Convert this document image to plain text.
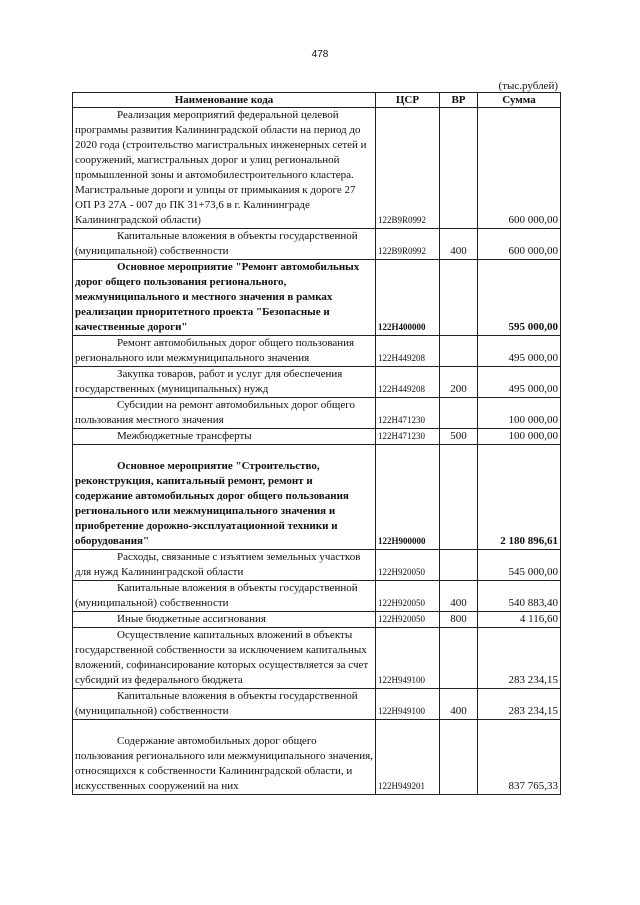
478
(тыс.рублей)
Наименование кода	ЦСР	ВР	Сумма
Реализация мероприятий федеральной целевой программы развития Калининградской области на период до 2020 года (строительство магистральных инженерных сетей и сооружений, магистральных дорог и улиц региональной промышленной зоны и автомобилестроительного кластера. Магистральные дороги и улицы от примыкания к дороге 27 ОП РЗ 27А - 007 до ПК 31+73,6 в г. Калининграде Калининградской области)	122B9R0992		600 000,00
Капитальные вложения в объекты государственной (муниципальной) собственности	122B9R0992	400	600 000,00
Основное мероприятие "Ремонт автомобильных дорог общего пользования регионального, межмуниципального и местного значения в рамках реализации приоритетного проекта "Безопасные и качественные дороги"	122H400000		595 000,00
Ремонт автомобильных дорог общего пользования регионального или межмуниципального значения	122H449208		495 000,00
Закупка товаров, работ и услуг для обеспечения государственных (муниципальных) нужд	122H449208	200	495 000,00
Субсидии на ремонт автомобильных дорог общего пользования местного значения	122H471230		100 000,00
Межбюджетные трансферты	122H471230	500	100 000,00
Основное мероприятие "Строительство, реконструкция, капитальный ремонт, ремонт и содержание автомобильных дорог общего пользования регионального или межмуниципального значения и приобретение дорожно-эксплуатационной техники и оборудования"	122H900000		2 180 896,61
Расходы, связанные с изъятием земельных участков для нужд Калининградской области	122H920050		545 000,00
Капитальные вложения в объекты государственной (муниципальной) собственности	122H920050	400	540 883,40
Иные бюджетные ассигнования	122H920050	800	4 116,60
Осуществление капитальных вложений в объекты государственной собственности за исключением капитальных вложений, софинансирование которых осуществляется за счет субсидий из федерального бюджета	122H949100		283 234,15
Капитальные вложения в объекты государственной (муниципальной) собственности	122H949100	400	283 234,15
Содержание автомобильных дорог общего пользования регионального или межмуниципального значения, относящихся к собственности Калининградской области, и искусственных сооружений на них	122H949201		837 765,33
